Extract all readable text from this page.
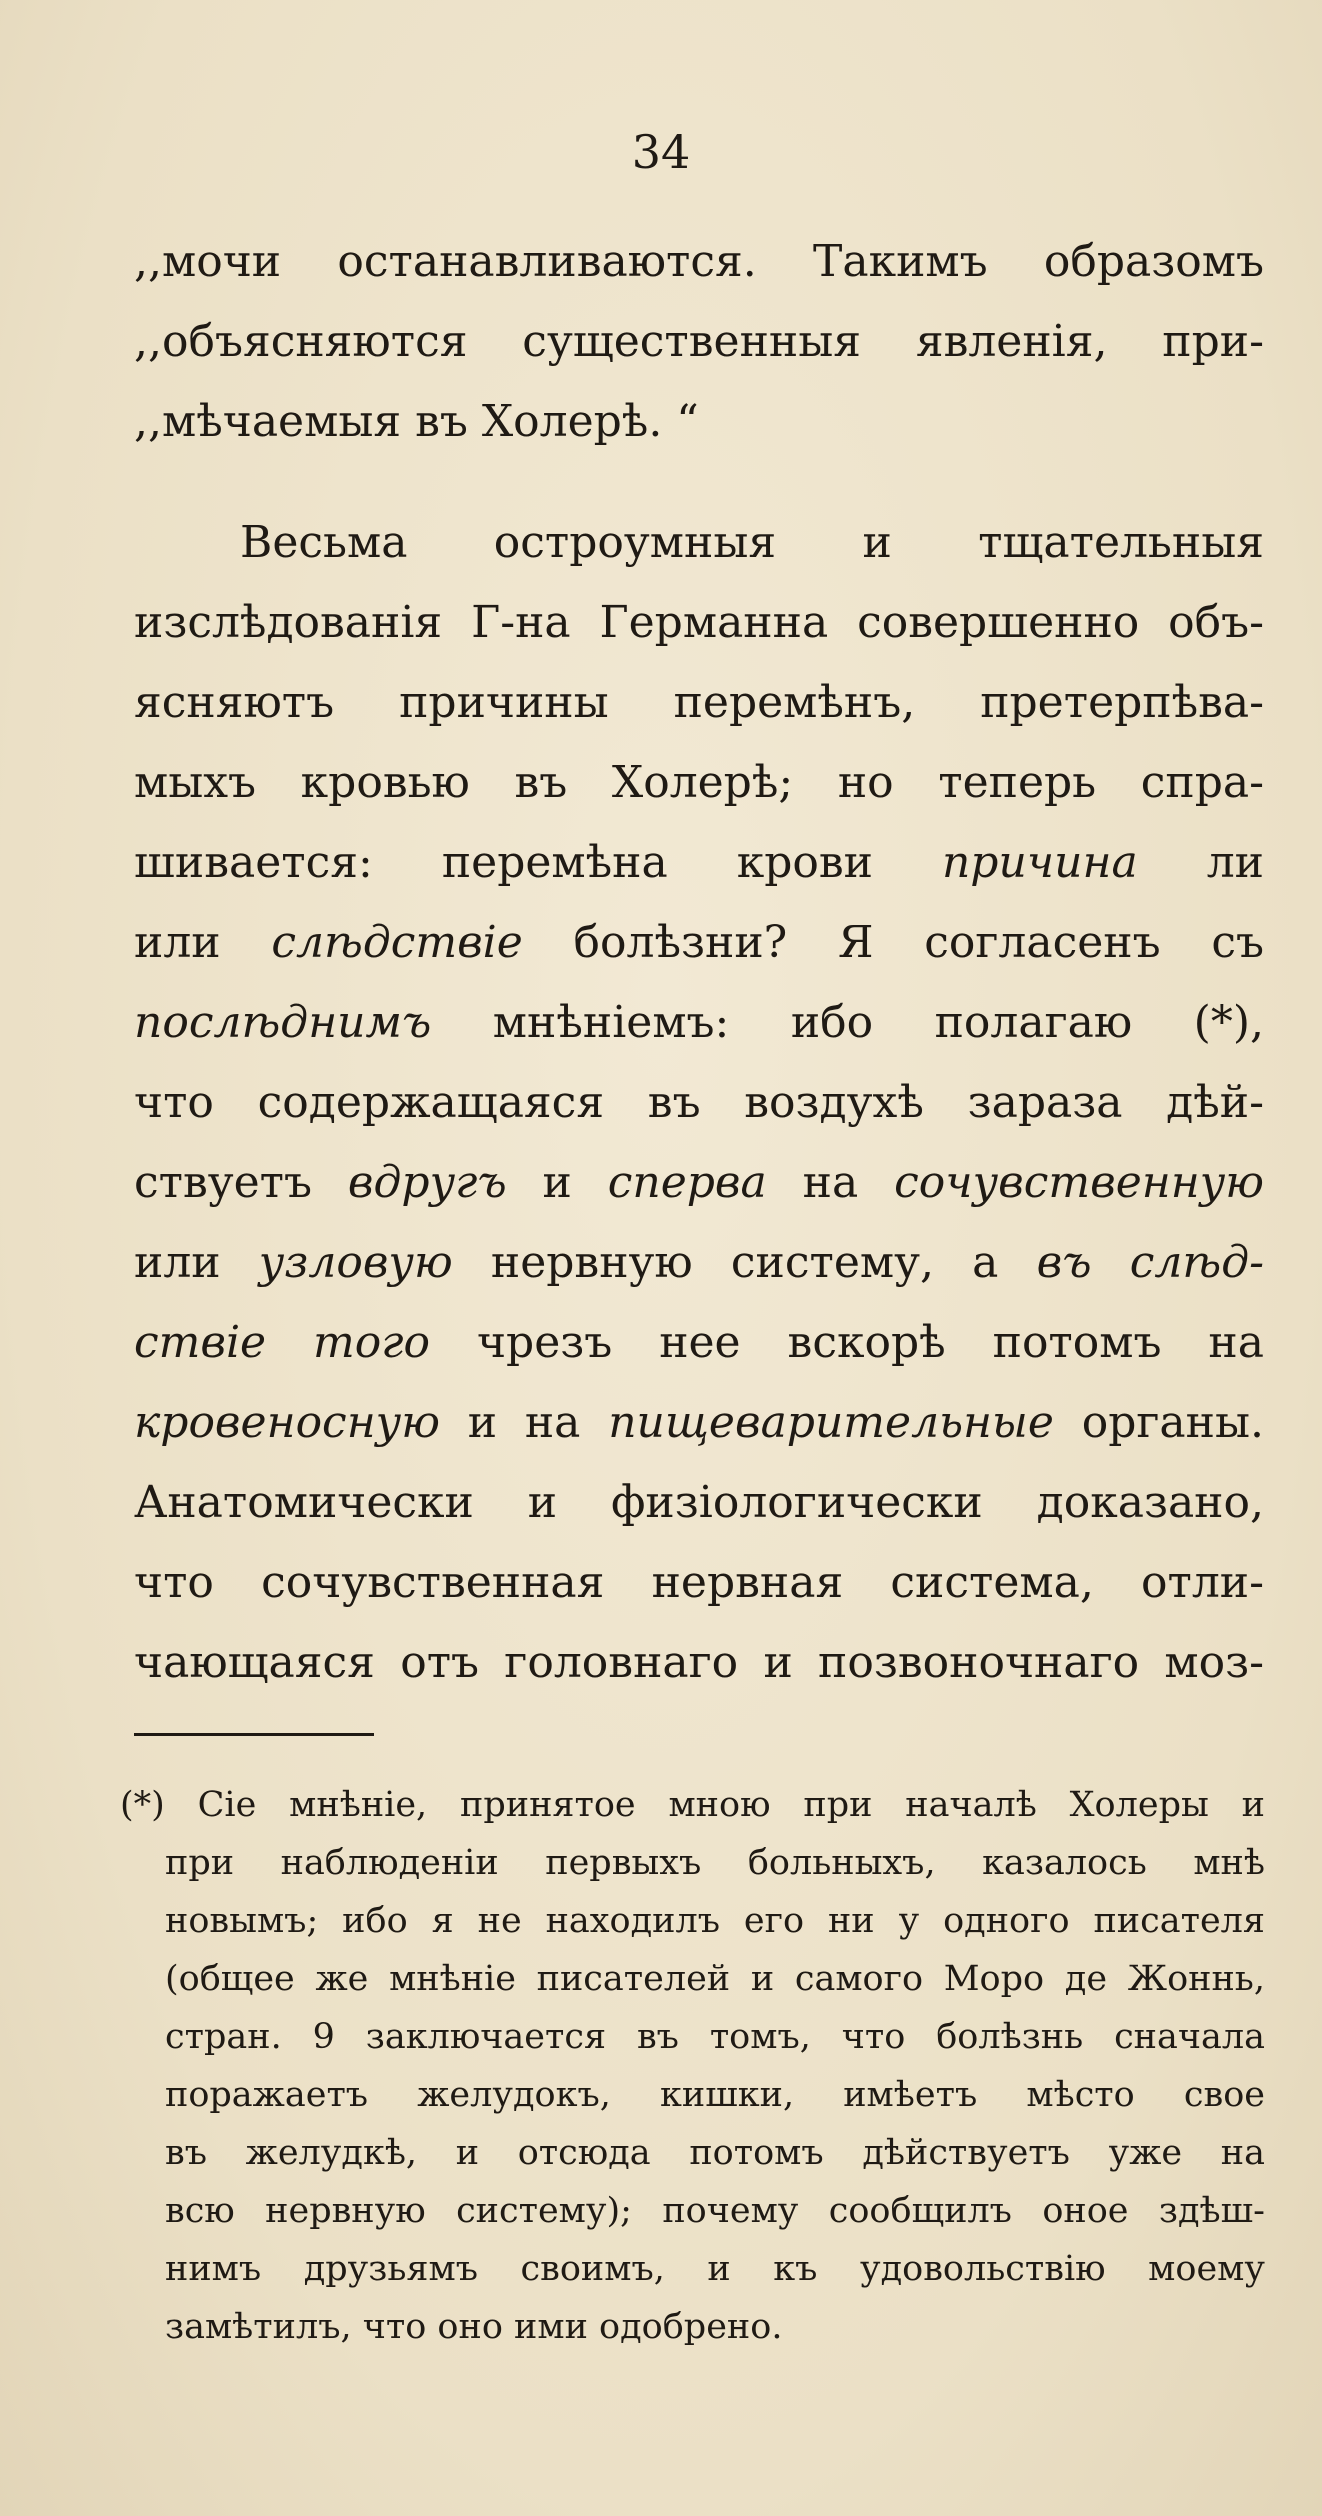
34

,,мочи останавливаются. Такимъ образомъ

,,объясняются существенныя явленія, при-

,,мѣчаемыя въ Холерѣ. “

Весьма остроумныя и тщательныя

изслѣдованія Г-на Германна совершенно объ-

ясняютъ причины перемѣнъ, претерпѣва-

мыхъ кровью въ Холерѣ; но теперь спра-

шивается: перемѣна крови причина ли

или слѣдствіе болѣзни? Я согласенъ съ

послѣднимъ мнѣніемъ: ибо полагаю (*),

что содержащаяся въ воздухѣ зараза дѣй-

ствуетъ вдругъ и сперва на сочувственную

или узловую нервную систему, а въ слѣд-

ствіе того чрезъ нее вскорѣ потомъ на

кровеносную и на пищеварительные органы.

Анатомически и физіологически доказано,

что сочувственная нервная система, отли-

чающаяся отъ головнаго и позвоночнаго моз-

(*) Сіе мнѣніе, принятое мною при началѣ Холеры и

при наблюденіи первыхъ больныхъ, казалось мнѣ

новымъ; ибо я не находилъ его ни у одного писателя

(общее же мнѣніе писателей и самого Моро де Жоннь,

стран. 9 заключается въ томъ, что болѣзнь сначала

поражаетъ желудокъ, кишки, имѣетъ мѣсто свое

въ желудкѣ, и отсюда потомъ дѣйствуетъ уже на

всю нервную систему); почему сообщилъ оное здѣш-

нимъ друзьямъ своимъ, и къ удовольствію моему

замѣтилъ, что оно ими одобрено.
